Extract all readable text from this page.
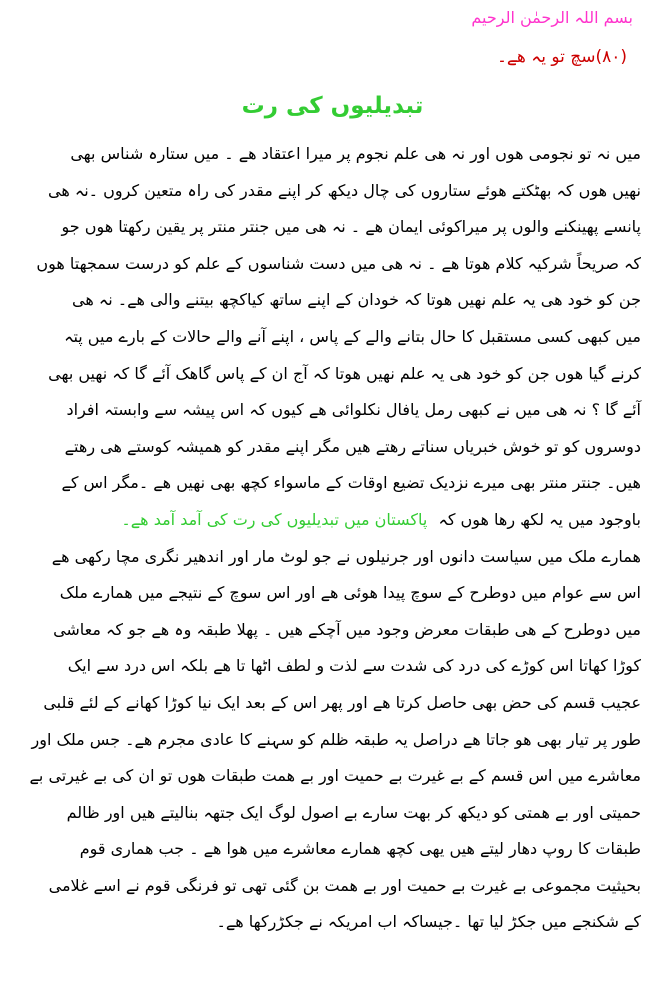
بسم اللہ الرحمٰن الرحیم
(۸۰)سچ تو یہ ھے۔
تبدیلیوں کی رت
میں نہ تو نجومی ھوں اور نہ ھی علم نجوم پر میرا اعتقاد ھے ۔ میں ستارہ شناس بھی
نھیں ھوں کہ بھٹکتے ھوئے ستاروں کی چال دیکھ کر اپنے مقدر کی راہ متعین کروں ۔نہ ھی
پانسے پھینکنے والوں پر میراکوئی ایمان ھے ۔ نہ ھی میں جنتر منتر پر یقین رکھتا ھوں جو
کہ صریحاً شرکیہ کلام ھوتا ھے ۔ نہ ھی میں دست شناسوں کے علم کو درست سمجھتا ھوں
جن کو خود ھی یہ علم نھیں ھوتا کہ خودان کے اپنے ساتھ کیاکچھ بیتنے والی ھے۔ نہ ھی
میں کبھی کسی مستقبل کا حال بتانے والے کے پاس ، اپنے آنے والے حالات کے بارے میں پتہ
کرنے گیا ھوں جن کو خود ھی یہ علم نھیں ھوتا کہ آج ان کے پاس گاھک آئے گا کہ نھیں بھی
آئے گا ؟ نہ ھی میں نے کبھی رمل یافال نکلوائی ھے کیوں کہ اس پیشہ سے وابستہ افراد
دوسروں کو تو خوش خبریاں سناتے رھتے ھیں مگر اپنے مقدر کو ھمیشہ کوستے ھی رھتے
ھیں۔ جنتر منتر بھی میرے نزدیک تضیع اوقات کے ماسواء کچھ بھی نھیں ھے ۔مگر اس کے
باوجود میں یہ لکھ رھا ھوں کہ پاکستان میں تبدیلیوں کی رت کی آمد آمد ھے۔
ھمارے ملک میں سیاست دانوں اور جرنیلوں نے جو لوٹ مار اور اندھیر نگری مچا رکھی ھے
اس سے عوام میں دوطرح کے سوچ پیدا ھوئی ھے اور اس سوچ کے نتیجے میں ھمارے ملک
میں دوطرح کے ھی طبقات معرض وجود میں آچکے ھیں ۔ پھلا طبقہ وہ ھے جو کہ معاشی
کوڑا کھاتا اس کوڑے کی درد کی شدت سے لذت و لطف اٹھا تا ھے بلکہ اس درد سے ایک
عجیب قسم کی حض بھی حاصل کرتا ھے اور پھر اس کے بعد ایک نیا کوڑا کھانے کے لئے قلبی
طور پر تیار بھی ھو جاتا ھے دراصل یہ طبقہ ظلم کو سہنے کا عادی مجرم ھے۔ جس ملک اور
معاشرے میں اس قسم کے بے غیرت بے حمیت اور بے ھمت طبقات ھوں تو ان کی بے غیرتی بے
حمیتی اور بے ھمتی کو دیکھ کر بھت سارے بے اصول لوگ ایک جتھہ بنالیتے ھیں اور ظالم
طبقات کا روپ دھار لیتے ھیں یھی کچھ ھمارے معاشرے میں ھوا ھے ۔ جب ھماری قوم
بحیثیت مجموعی بے غیرت بے حمیت اور بے ھمت بن گئی تھی تو فرنگی قوم نے اسے غلامی
کے شکنجے میں جکڑ لیا تھا ۔جیساکہ اب امریکہ نے جکڑرکھا ھے۔
